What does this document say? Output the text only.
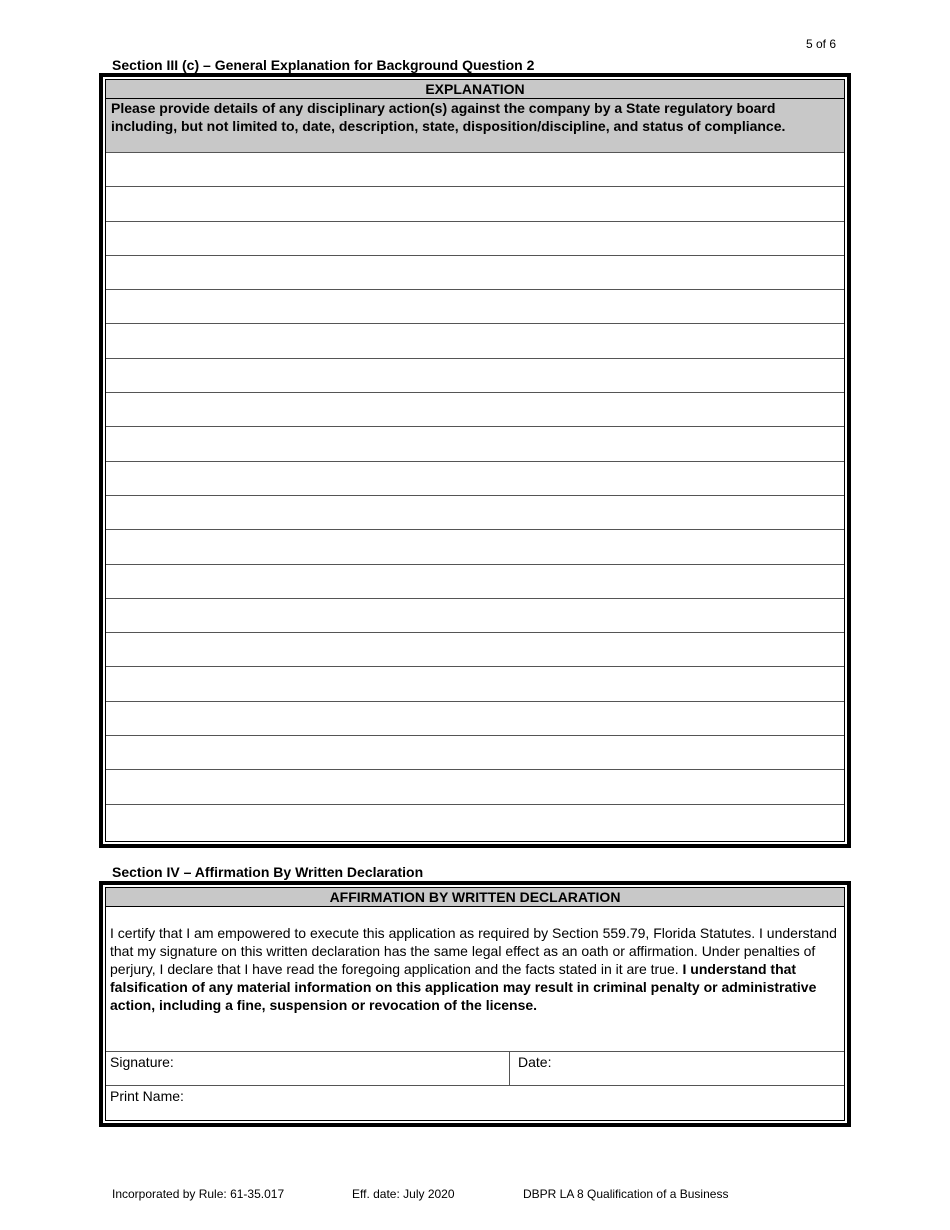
5 of 6
Section III (c) – General Explanation for Background Question 2
EXPLANATION
Please provide details of any disciplinary action(s) against the company by a State regulatory board including, but not limited to, date, description, state, disposition/discipline, and status of compliance.
Section IV – Affirmation By Written Declaration
AFFIRMATION BY WRITTEN DECLARATION
I certify that I am empowered to execute this application as required by Section 559.79, Florida Statutes. I understand that my signature on this written declaration has the same legal effect as an oath or affirmation. Under penalties of perjury, I declare that I have read the foregoing application and the facts stated in it are true. I understand that falsification of any material information on this application may result in criminal penalty or administrative action, including a fine, suspension or revocation of the license.
Signature:	Date:
Print Name:
Incorporated by Rule: 61-35.017	Eff. date: July 2020	DBPR LA 8 Qualification of a Business
